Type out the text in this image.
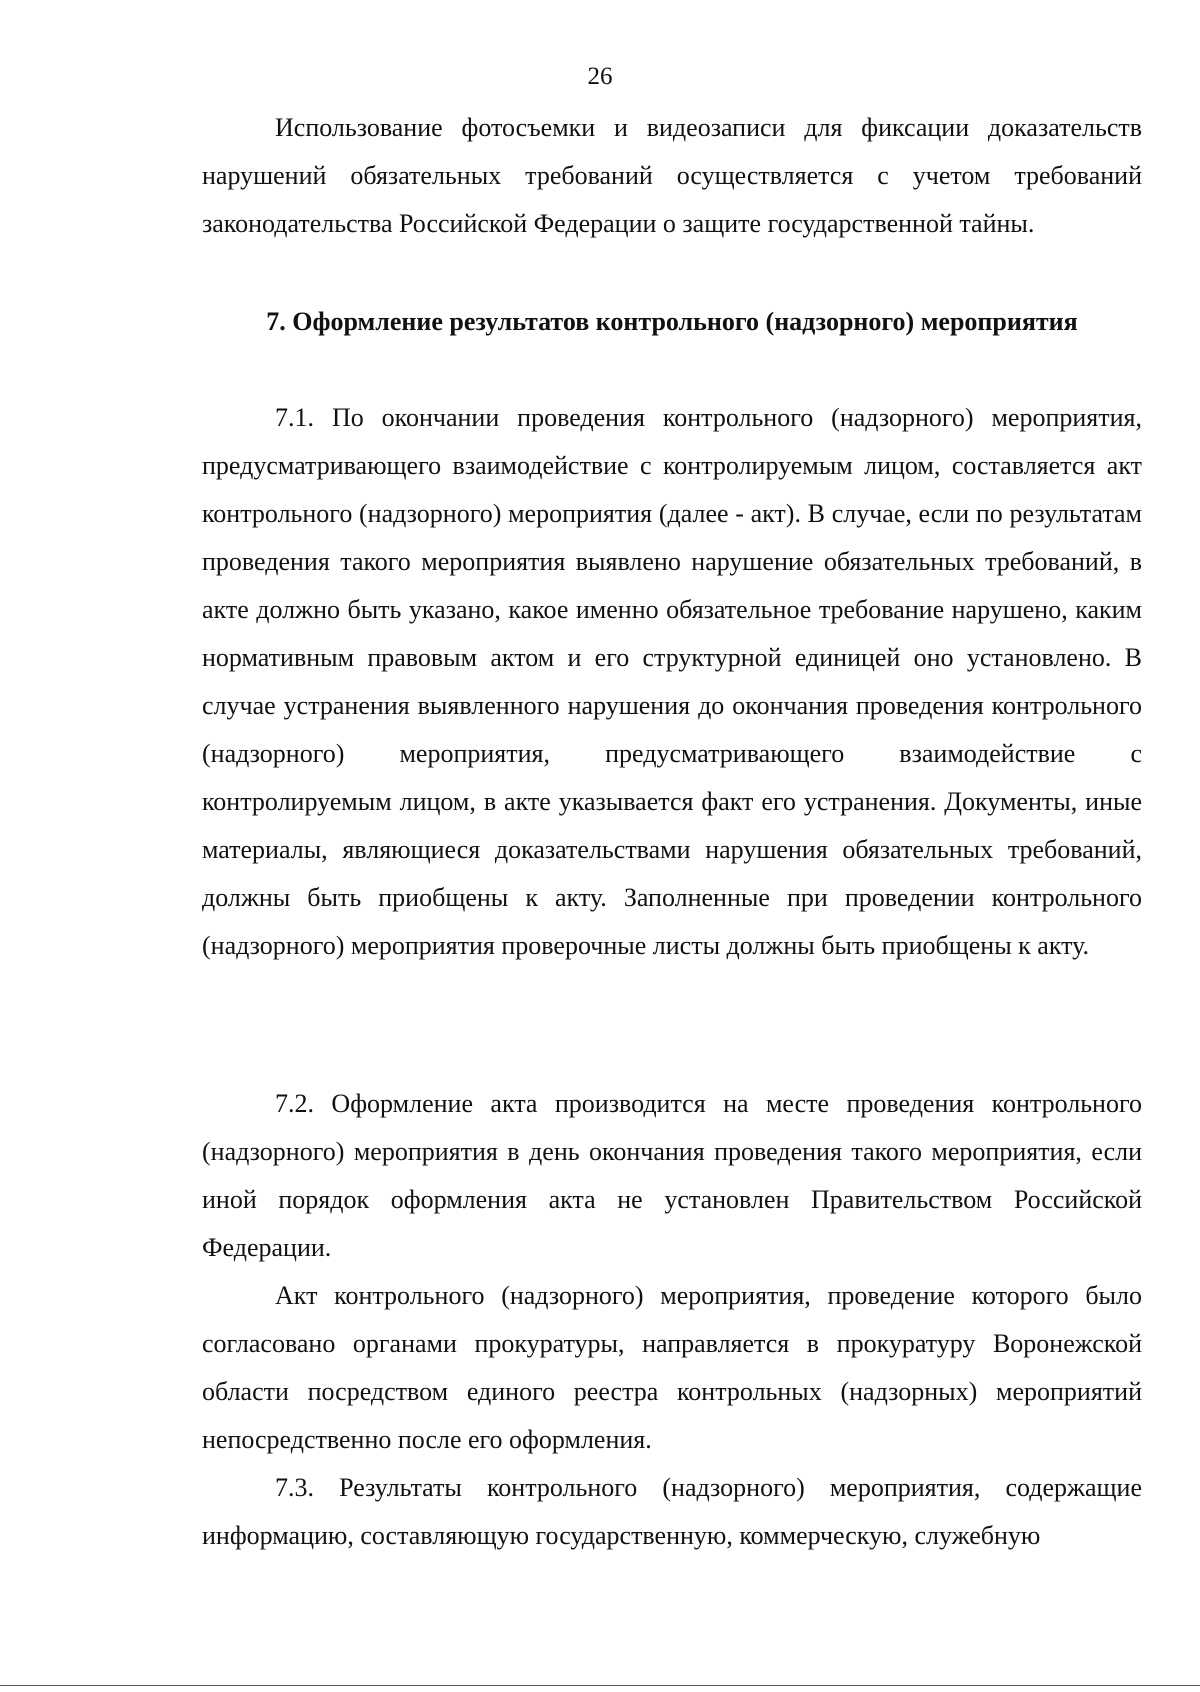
26

Использование фотосъемки и видеозаписи для фиксации доказательств нарушений обязательных требований осуществляется с учетом требований законодательства Российской Федерации о защите государственной тайны.

7. Оформление результатов контрольного (надзорного) мероприятия

7.1. По окончании проведения контрольного (надзорного) мероприятия, предусматривающего взаимодействие с контролируемым лицом, составляется акт контрольного (надзорного) мероприятия (далее - акт). В случае, если по результатам проведения такого мероприятия выявлено нарушение обязательных требований, в акте должно быть указано, какое именно обязательное требование нарушено, каким нормативным правовым актом и его структурной единицей оно установлено. В случае устранения выявленного нарушения до окончания проведения контрольного (надзорного) мероприятия, предусматривающего взаимодействие с контролируемым лицом, в акте указывается факт его устранения. Документы, иные материалы, являющиеся доказательствами нарушения обязательных требований, должны быть приобщены к акту. Заполненные при проведении контрольного (надзорного) мероприятия проверочные листы должны быть приобщены к акту.

7.2. Оформление акта производится на месте проведения контрольного (надзорного) мероприятия в день окончания проведения такого мероприятия, если иной порядок оформления акта не установлен Правительством Российской Федерации.

Акт контрольного (надзорного) мероприятия, проведение которого было согласовано органами прокуратуры, направляется в прокуратуру Воронежской области посредством единого реестра контрольных (надзорных) мероприятий непосредственно после его оформления.

7.3. Результаты контрольного (надзорного) мероприятия, содержащие информацию, составляющую государственную, коммерческую, служебную
